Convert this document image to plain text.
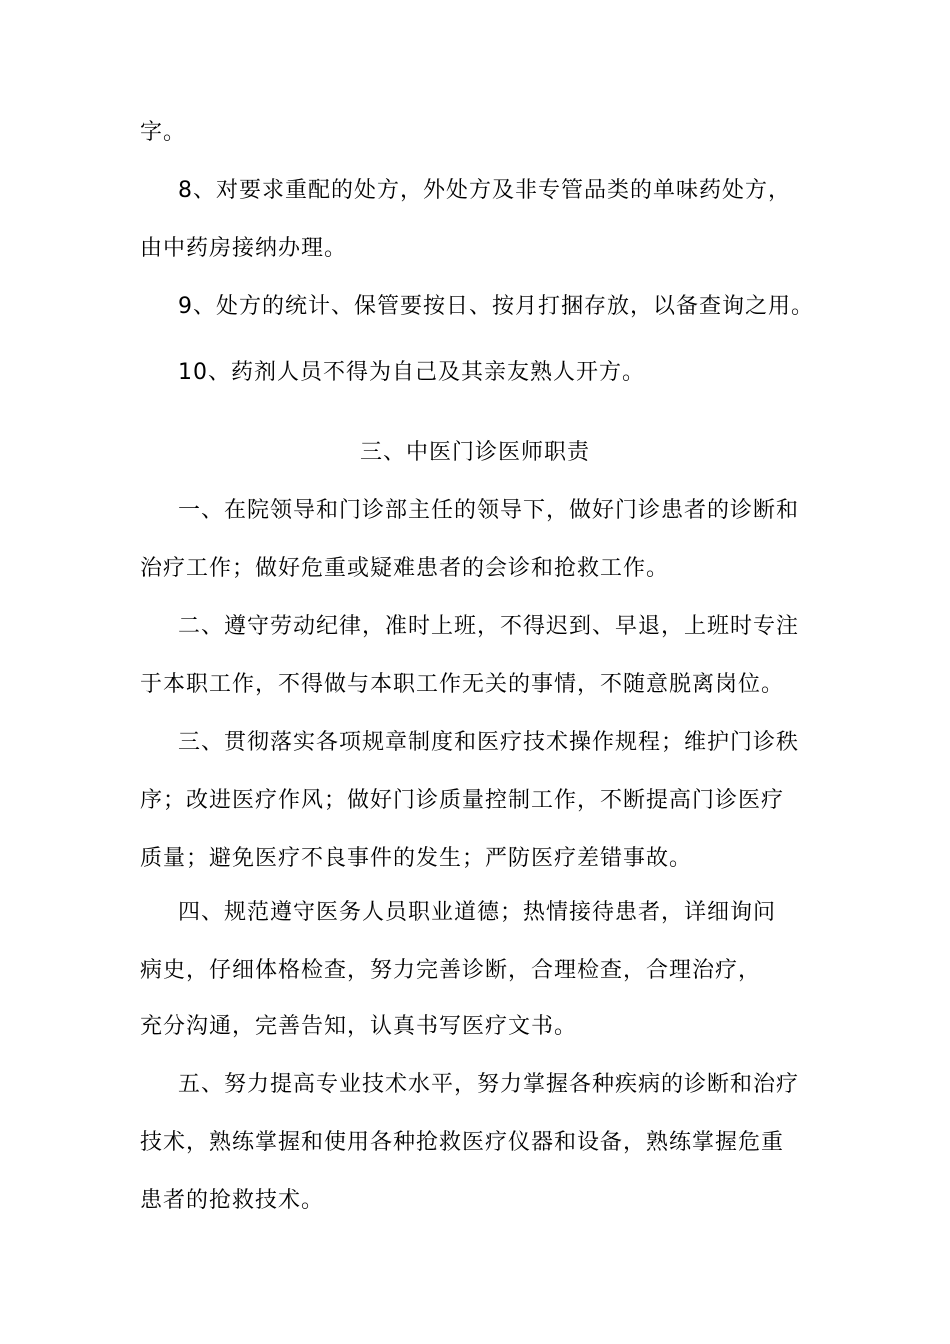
字。
8、对要求重配的处方，外处方及非专管品类的单味药处方，
由中药房接纳办理。
9、处方的统计、保管要按日、按月打捆存放，以备查询之用。
10、药剂人员不得为自己及其亲友熟人开方。
三、中医门诊医师职责
一、在院领导和门诊部主任的领导下，做好门诊患者的诊断和
治疗工作；做好危重或疑难患者的会诊和抢救工作。
二、遵守劳动纪律，准时上班，不得迟到、早退，上班时专注
于本职工作，不得做与本职工作无关的事情，不随意脱离岗位。
三、贯彻落实各项规章制度和医疗技术操作规程；维护门诊秩
序；改进医疗作风；做好门诊质量控制工作，不断提高门诊医疗
质量；避免医疗不良事件的发生；严防医疗差错事故。
四、规范遵守医务人员职业道德；热情接待患者，详细询问
病史，仔细体格检查，努力完善诊断，合理检查，合理治疗，
充分沟通，完善告知，认真书写医疗文书。
五、努力提高专业技术水平，努力掌握各种疾病的诊断和治疗
技术，熟练掌握和使用各种抢救医疗仪器和设备，熟练掌握危重
患者的抢救技术。
